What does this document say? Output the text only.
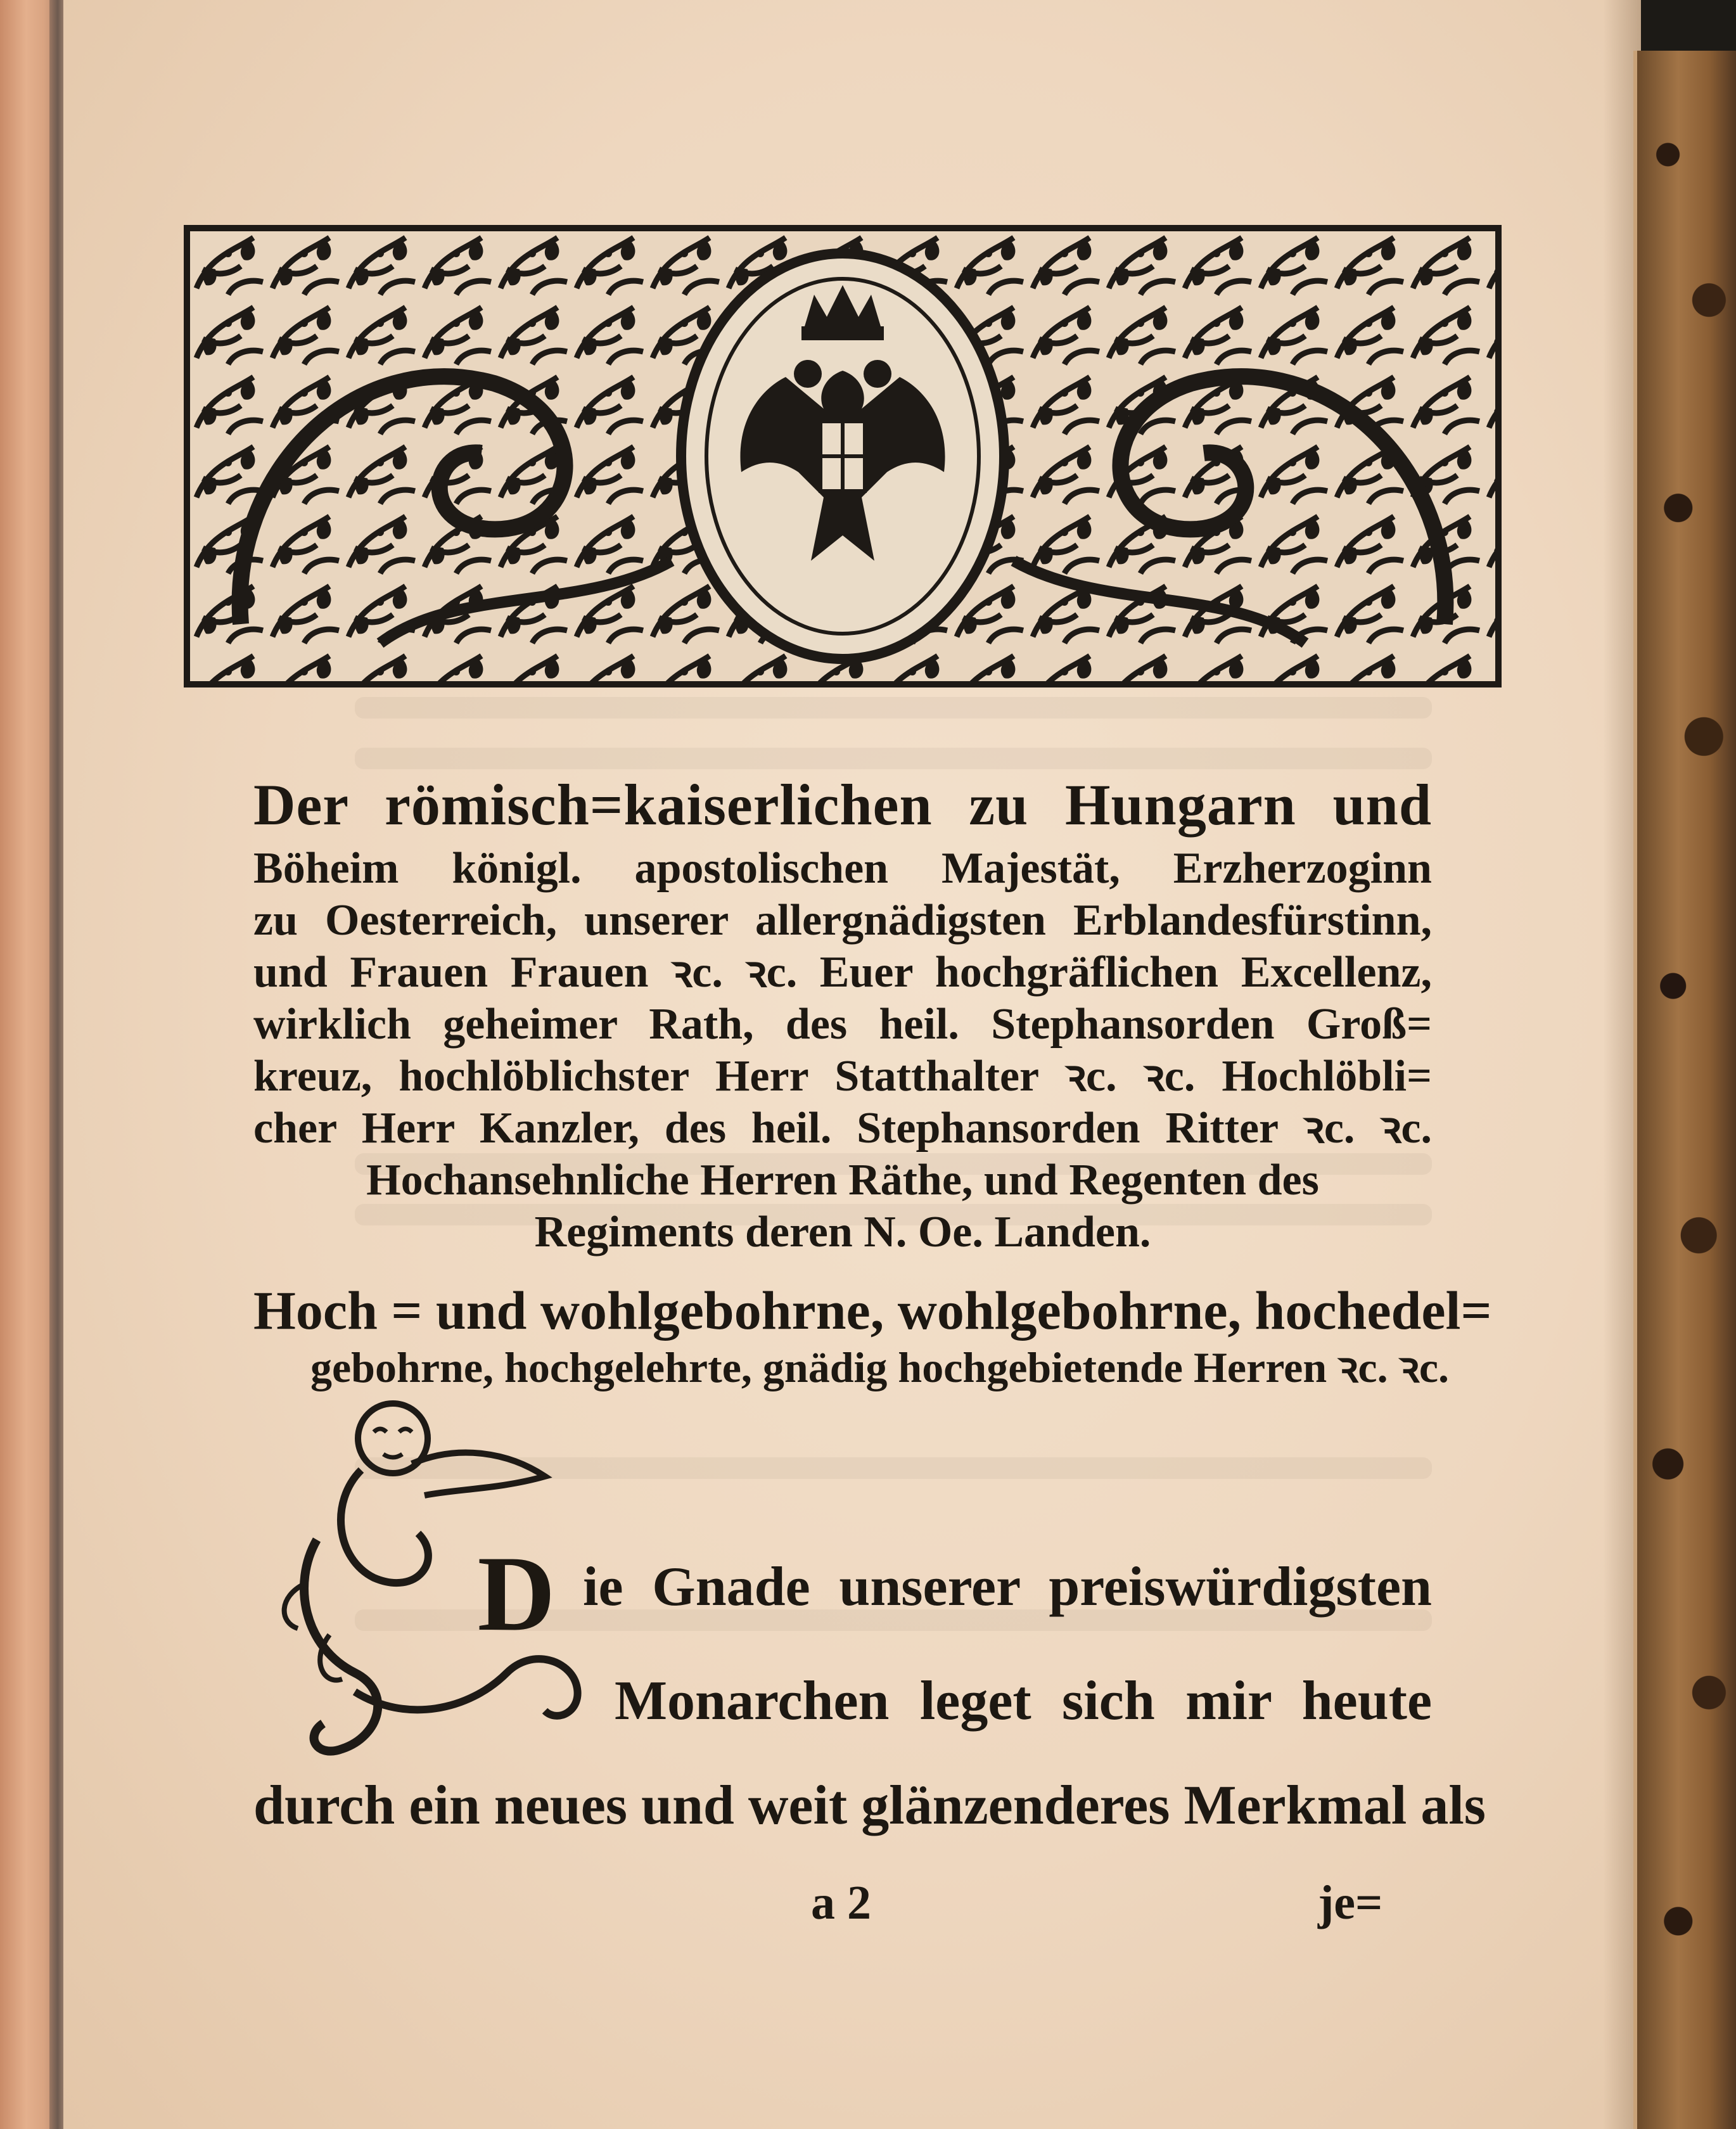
Der römisch=kaiserlichen zu Hungarn und
Böheim königl. apostolischen Majestät, Erzherzoginn
zu Oesterreich, unserer allergnädigsten Erblandesfürstinn,
und Frauen Frauen ꝛc. ꝛc. Euer hochgräflichen Excellenz,
wirklich geheimer Rath, des heil. Stephansorden Groß=
kreuz, hochlöblichster Herr Statthalter ꝛc. ꝛc. Hochlöbli=
cher Herr Kanzler, des heil. Stephansorden Ritter ꝛc. ꝛc.
Hochansehnliche Herren Räthe, und Regenten des
Regiments deren N. Oe. Landen.
Hoch = und wohlgebohrne, wohlgebohrne, hochedel=
gebohrne, hochgelehrte, gnädig hochgebietende Herren ꝛc. ꝛc.
D ie Gnade unserer preiswürdigsten
Monarchen leget sich mir heute
durch ein neues und weit glänzenderes Merkmal als
a 2	je=
